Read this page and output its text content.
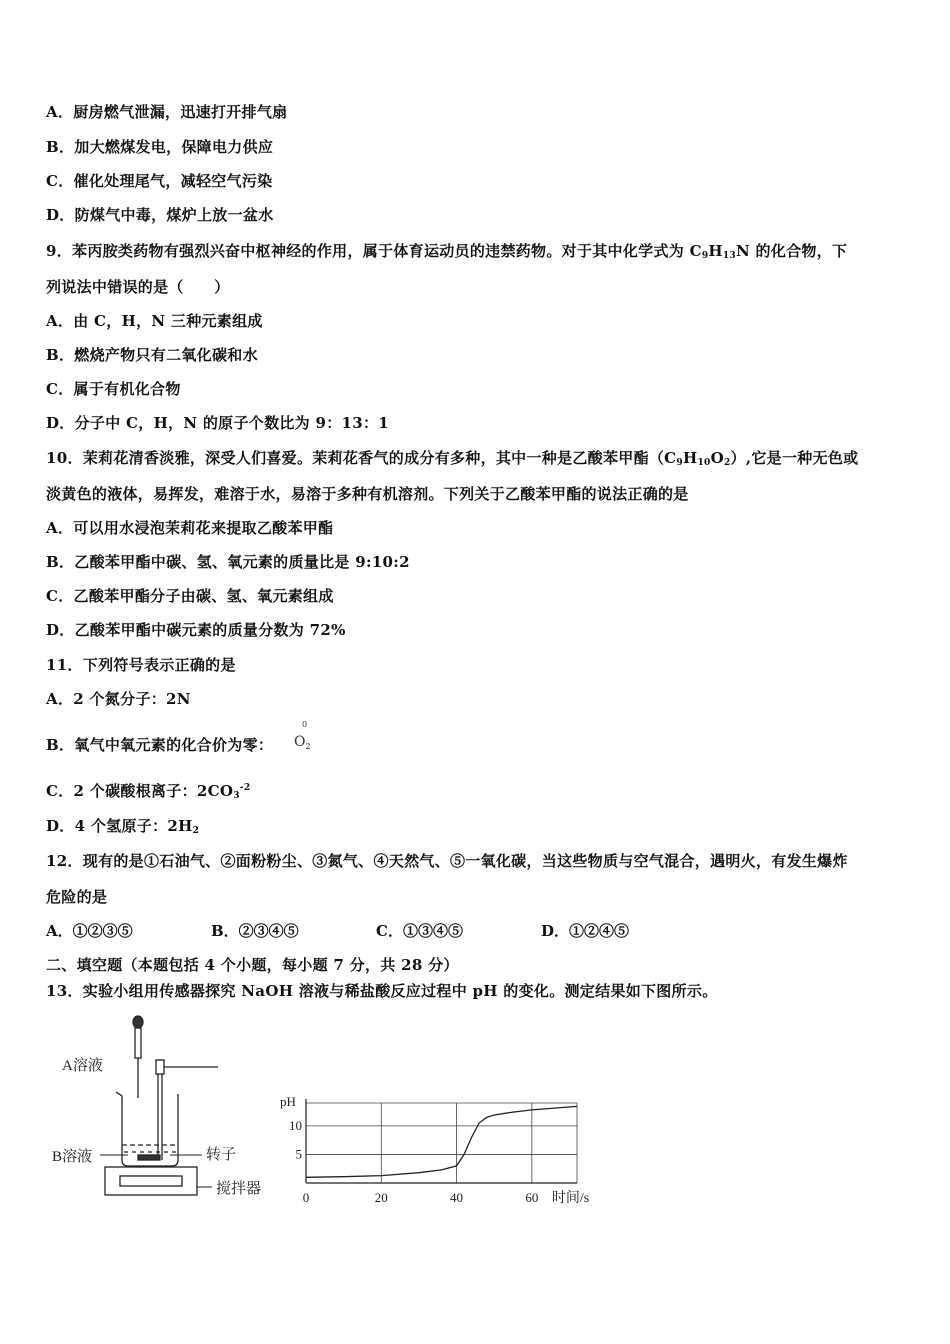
A．厨房燃气泄漏，迅速打开排气扇
B．加大燃煤发电，保障电力供应
C．催化处理尾气，减轻空气污染
D．防煤气中毒，煤炉上放一盆水
9．苯丙胺类药物有强烈兴奋中枢神经的作用，属于体育运动员的违禁药物。对于其中化学式为 $C_9H_{13}N$ 的化合物，下
列说法中错误的是（　　）
A．由 C，H，N 三种元素组成
B．燃烧产物只有二氧化碳和水
C．属于有机化合物
D．分子中 C，H，N 的原子个数比为 9：13：1
10．茉莉花清香淡雅，深受人们喜爱。茉莉花香气的成分有多种，其中一种是乙酸苯甲酯$(C_9H_{10}O_2)$,它是一种无色或
淡黄色的液体，易挥发，难溶于水，易溶于多种有机溶剂。下列关于乙酸苯甲酯的说法正确的是
A．可以用水浸泡茉莉花来提取乙酸苯甲酯
B．乙酸苯甲酯中碳、氢、氧元素的质量比是 9:10:2
C．乙酸苯甲酯分子由碳、氢、氧元素组成
D．乙酸苯甲酯中碳元素的质量分数为 72%
11．下列符号表示正确的是
A．2 个氮分子：2N
B．氧气中氧元素的化合价为零：
0
$O_2$
C．2 个碳酸根离子：$2CO_3^{-2}$
D．4 个氢原子：$2H_2$
12．现有的是①石油气、②面粉粉尘、③氮气、④天然气、⑤一氧化碳，当这些物质与空气混合，遇明火，有发生爆炸
危险的是
A．①②③⑤	B．②③④⑤	C．①③④⑤	D．①②④⑤
二、填空题（本题包括 4 个小题，每小题 7 分，共 28 分）
13．实验小组用传感器探究 NaOH 溶液与稀盐酸反应过程中 pH 的变化。测定结果如下图所示。
A溶液
B溶液	转子
搅拌器
0	20	40	60
5
10
pH
时间/s
